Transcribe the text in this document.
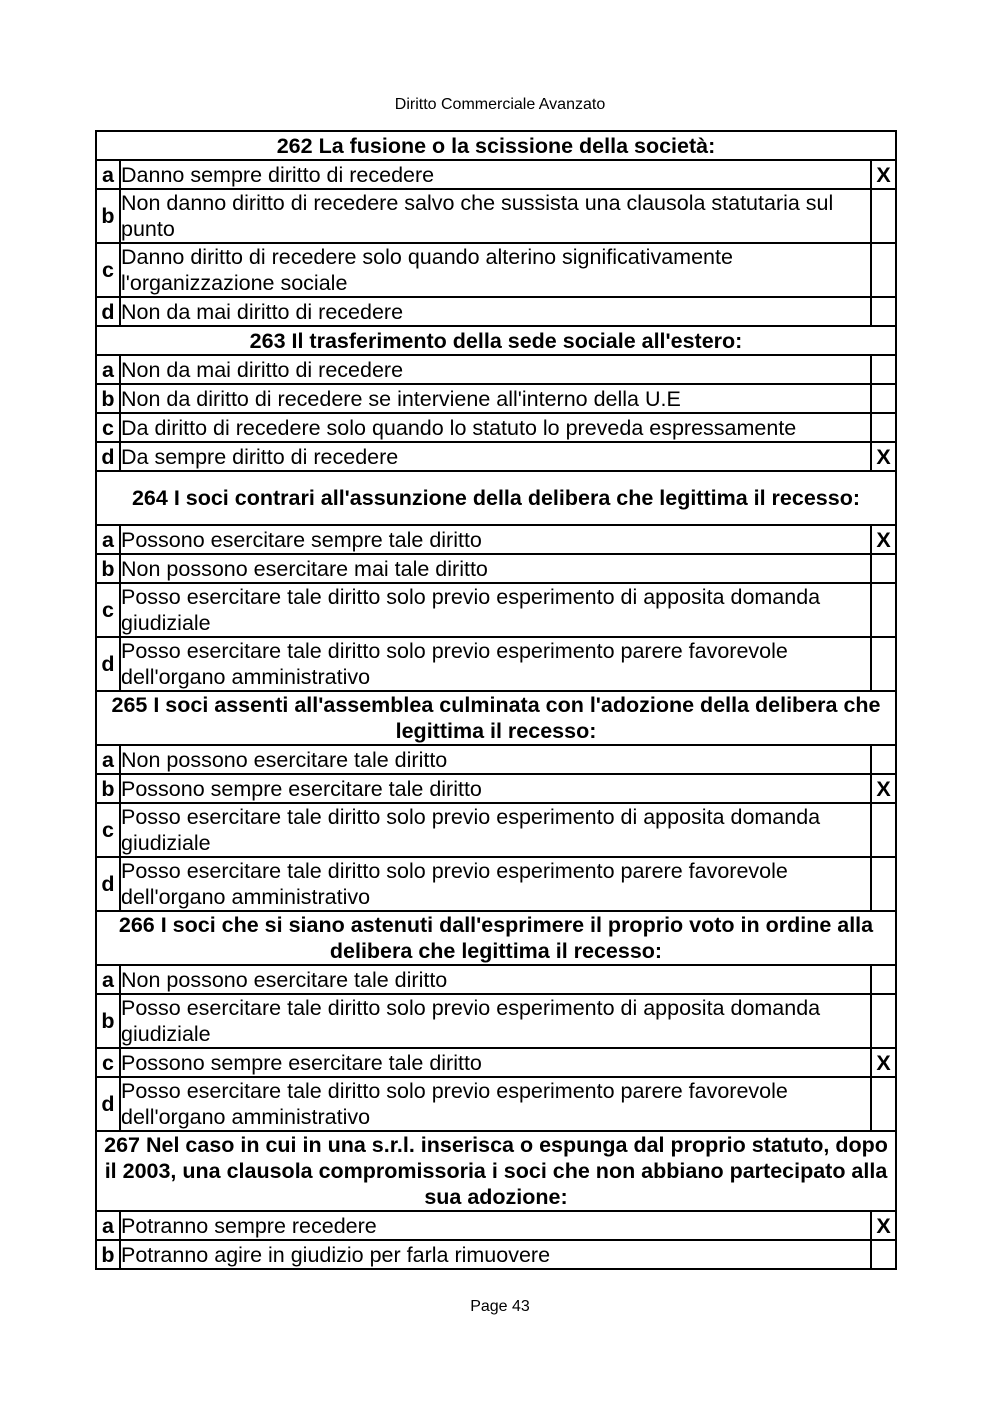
Diritto Commerciale Avanzato
262 La fusione o la scissione della società:		
a	Danno sempre diritto di recedere	X
b	Non danno diritto di recedere salvo che sussista una clausola statutaria sul punto	
c	Danno diritto di recedere solo quando alterino significativamente l'organizzazione sociale	
d	Non da mai diritto di recedere	
263 Il trasferimento della sede sociale all'estero:		
a	Non da mai diritto di recedere	
b	Non da diritto di recedere se interviene all'interno della U.E	
c	Da diritto di recedere solo quando lo statuto lo preveda espressamente	
d	Da sempre diritto di recedere	X
264 I soci contrari all'assunzione della delibera che legittima il recesso:		
a	Possono esercitare sempre tale diritto	X
b	Non possono esercitare mai tale diritto	
c	Posso esercitare tale diritto solo previo esperimento di apposita domanda giudiziale	
d	Posso esercitare tale diritto solo previo esperimento parere favorevole dell'organo amministrativo	
265 I soci assenti all'assemblea culminata con l'adozione della delibera che legittima il recesso:		
a	Non possono esercitare tale diritto	
b	Possono sempre esercitare tale diritto	X
c	Posso esercitare tale diritto solo previo esperimento di apposita domanda giudiziale	
d	Posso esercitare tale diritto solo previo esperimento parere favorevole dell'organo amministrativo	
266 I soci che si siano astenuti dall'esprimere il proprio voto in ordine alla delibera che legittima il recesso:		
a	Non possono esercitare tale diritto	
b	Posso esercitare tale diritto solo previo esperimento di apposita domanda giudiziale	
c	Possono sempre esercitare tale diritto	X
d	Posso esercitare tale diritto solo previo esperimento parere favorevole dell'organo amministrativo	
267 Nel caso in cui in una s.r.l. inserisca o espunga dal proprio statuto, dopo il 2003, una clausola compromissoria i soci che non abbiano partecipato alla sua adozione:		
a	Potranno sempre recedere	X
b	Potranno agire in giudizio per farla rimuovere	
Page 43
